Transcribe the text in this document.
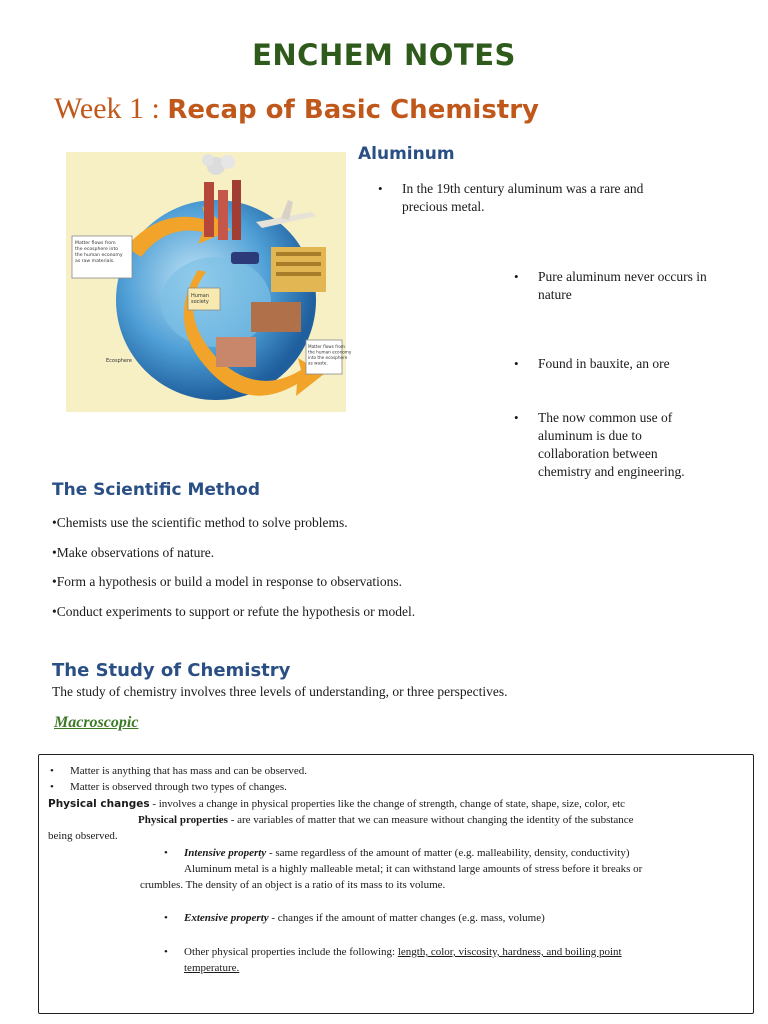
ENCHEM NOTES
Week 1 : Recap of Basic Chemistry
Matter flows from the ecosphere into the human economy as raw materials.
Human society
Ecosphere
Matter flows from the human economy into the ecosphere as waste.
Aluminum
• In the 19th century aluminum was a rare and precious metal.
• Pure aluminum never occurs in nature
• Found in bauxite, an ore
• The now common use of aluminum is due to collaboration between chemistry and engineering.
The Scientific Method
•Chemists use the scientific method to solve problems.
•Make observations of nature.
•Form a hypothesis or build a model in response to observations.
•Conduct experiments to support or refute the hypothesis or model.
The Study of Chemistry
The study of chemistry involves three levels of understanding, or three perspectives.
Macroscopic
Matter is anything that has mass and can be observed.
Matter is observed through two types of changes.
Physical changes - involves a change in physical properties like the change of strength, change of state, shape, size, color, etc
Physical properties - are variables of matter that we can measure without changing the identity of the substance
being observed.
Intensive property - same regardless of the amount of matter (e.g. malleability, density, conductivity)
Aluminum metal is a highly malleable metal; it can withstand large amounts of stress before it breaks or
crumbles. The density of an object is a ratio of its mass to its volume.
Extensive property - changes if the amount of matter changes (e.g. mass, volume)
Other physical properties include the following: length, color, viscosity, hardness, and boiling point
temperature.
